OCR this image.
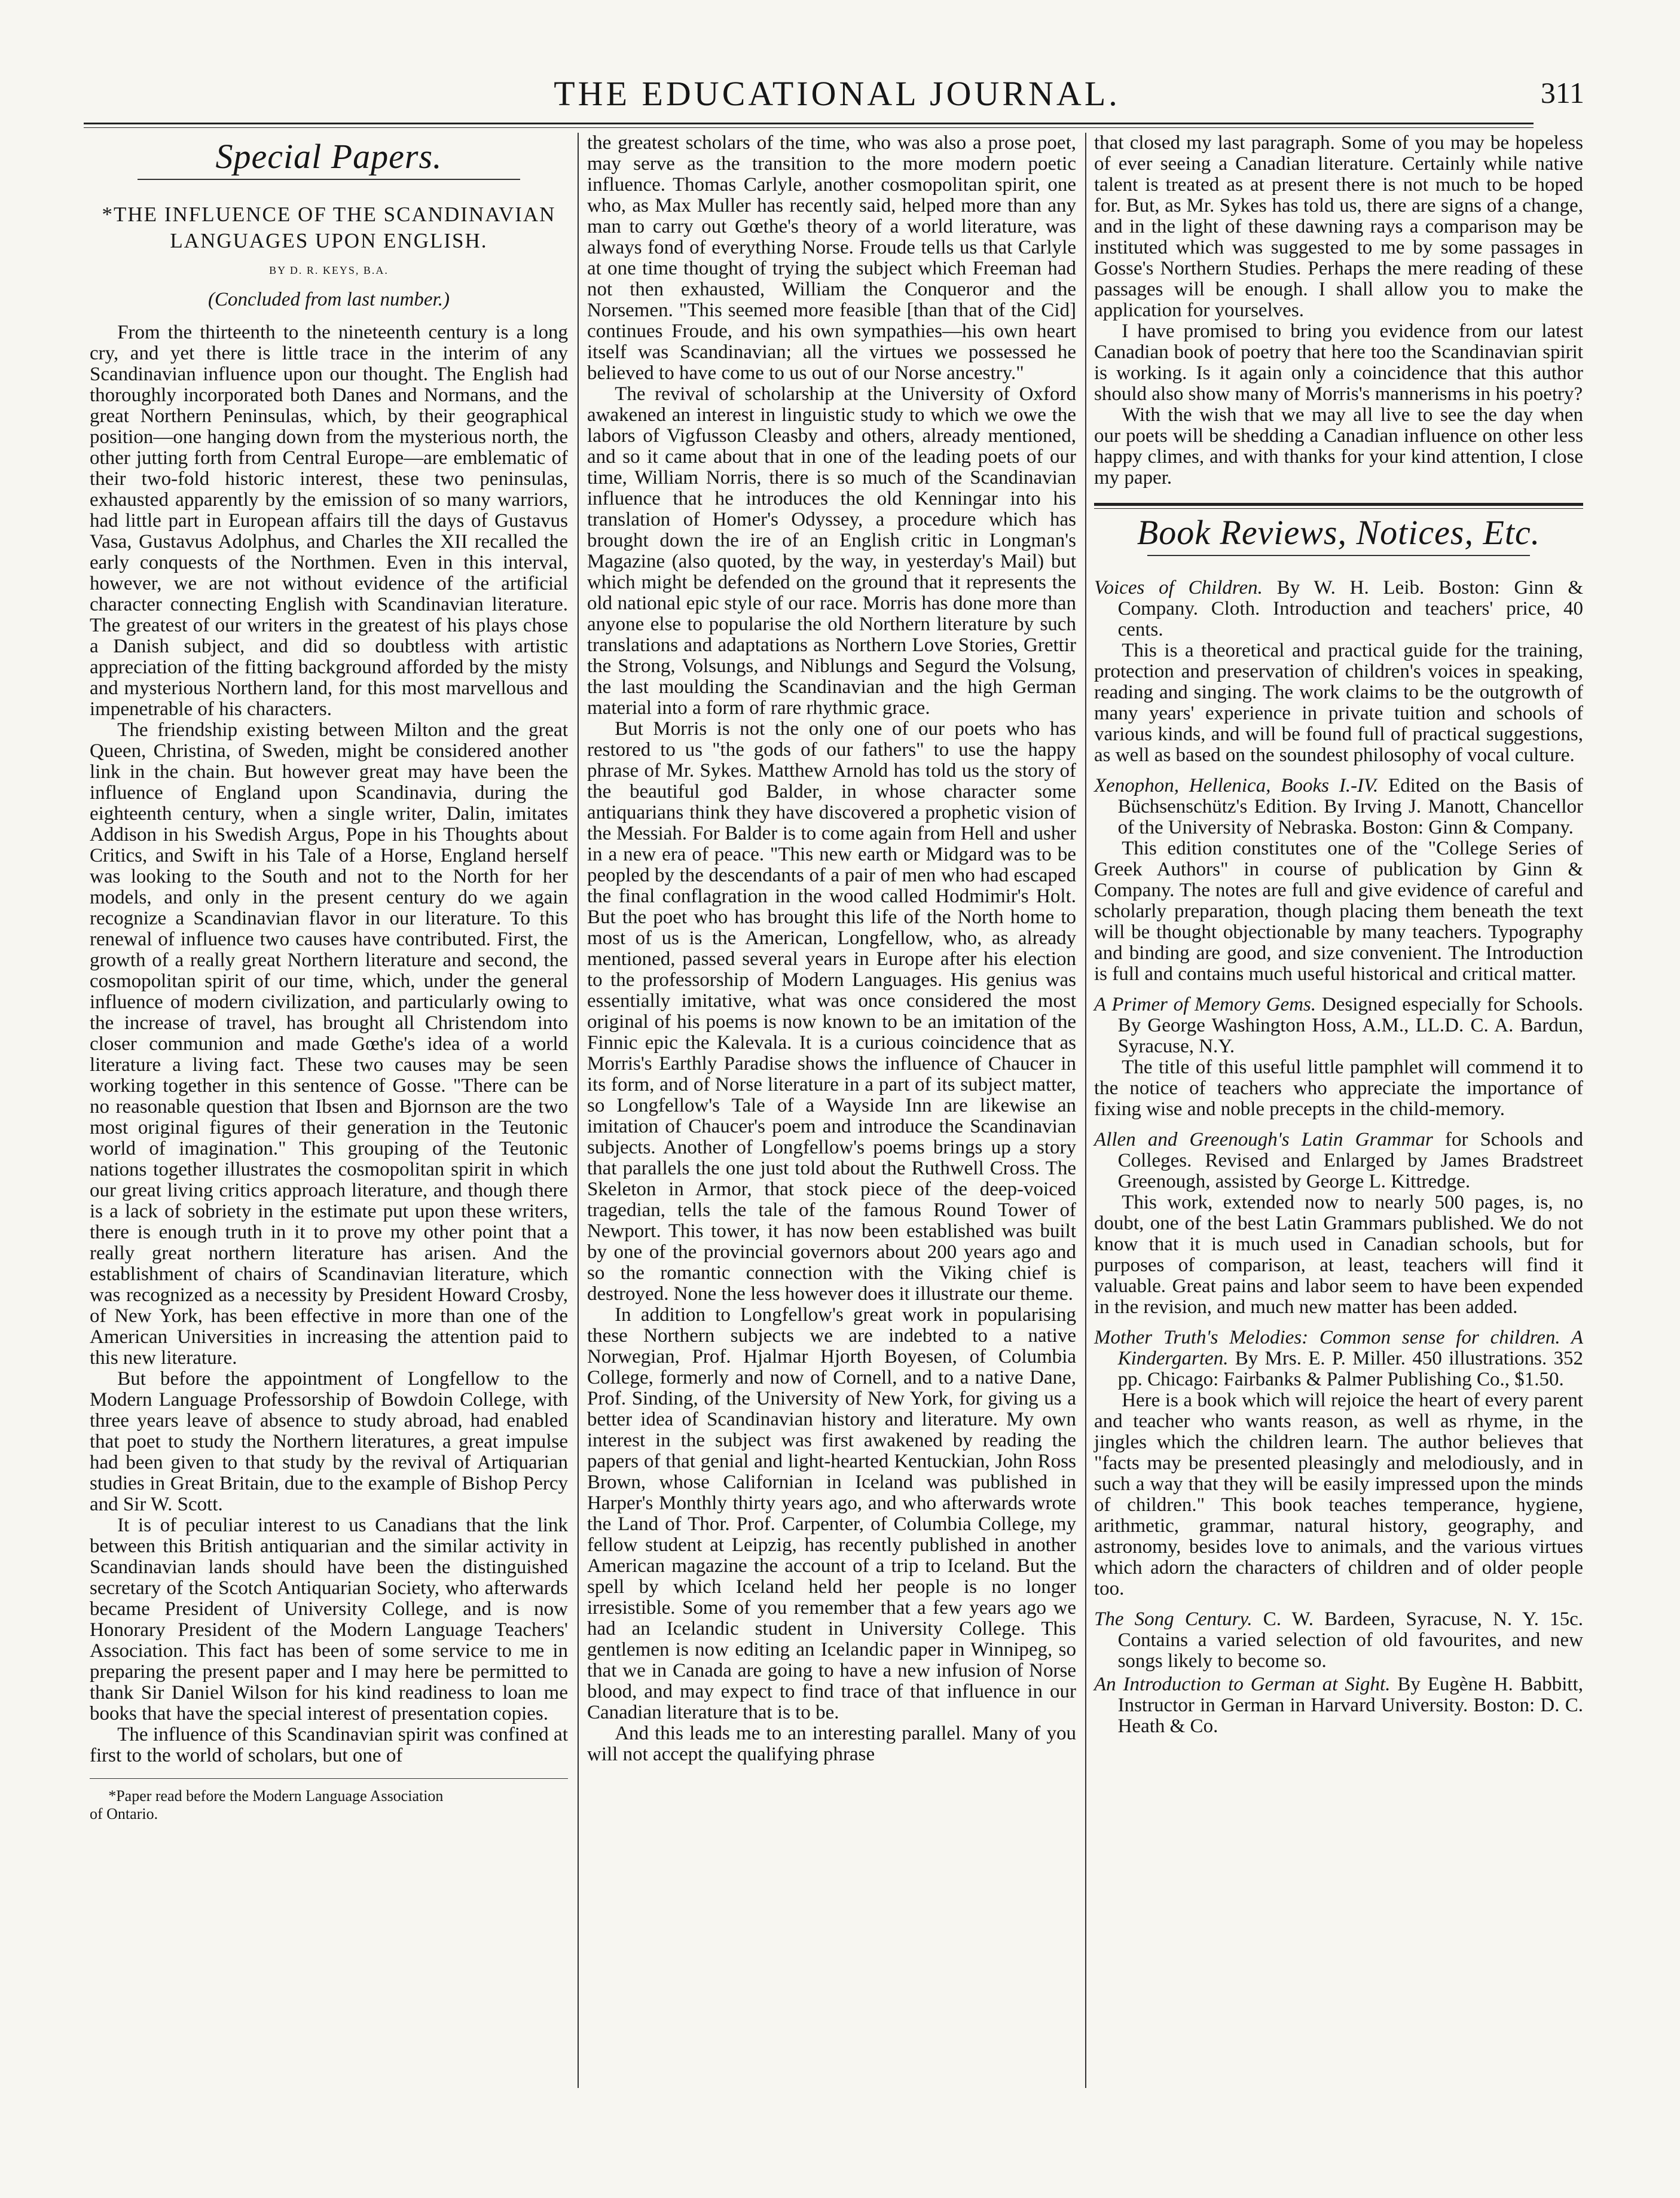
THE EDUCATIONAL JOURNAL.	311
Special Papers.
*THE INFLUENCE OF THE SCANDINAVIAN LANGUAGES UPON ENGLISH.
BY D. R. KEYS, B.A.
(Concluded from last number.)

From the thirteenth to the nineteenth century is a long cry, and yet there is little trace in the interim of any Scandinavian influence upon our thought. The English had thoroughly incorporated both Danes and Normans, and the great Northern Peninsulas, which, by their geographical position—one hanging down from the mysterious north, the other jutting forth from Central Europe—are emblematic of their two-fold historic interest, these two peninsulas, exhausted apparently by the emission of so many warriors, had little part in European affairs till the days of Gustavus Vasa, Gustavus Adolphus, and Charles the XII recalled the early conquests of the Northmen. Even in this interval, however, we are not without evidence of the artificial character connecting English with Scandinavian literature. The greatest of our writers in the greatest of his plays chose a Danish subject, and did so doubtless with artistic appreciation of the fitting background afforded by the misty and mysterious Northern land, for this most marvellous and impenetrable of his characters.

The friendship existing between Milton and the great Queen, Christina, of Sweden, might be considered another link in the chain. But however great may have been the influence of England upon Scandinavia, during the eighteenth century, when a single writer, Dalin, imitates Addison in his Swedish Argus, Pope in his Thoughts about Critics, and Swift in his Tale of a Horse, England herself was looking to the South and not to the North for her models, and only in the present century do we again recognize a Scandinavian flavor in our literature. To this renewal of influence two causes have contributed. First, the growth of a really great Northern literature and second, the cosmopolitan spirit of our time, which, under the general influence of modern civilization, and particularly owing to the increase of travel, has brought all Christendom into closer communion and made Gœthe's idea of a world literature a living fact. These two causes may be seen working together in this sentence of Gosse. "There can be no reasonable question that Ibsen and Bjornson are the two most original figures of their generation in the Teutonic world of imagination." This grouping of the Teutonic nations together illustrates the cosmopolitan spirit in which our great living critics approach literature, and though there is a lack of sobriety in the estimate put upon these writers, there is enough truth in it to prove my other point that a really great northern literature has arisen. And the establishment of chairs of Scandinavian literature, which was recognized as a necessity by President Howard Crosby, of New York, has been effective in more than one of the American Universities in increasing the attention paid to this new literature.

But before the appointment of Longfellow to the Modern Language Professorship of Bowdoin College, with three years leave of absence to study abroad, had enabled that poet to study the Northern literatures, a great impulse had been given to that study by the revival of Artiquarian studies in Great Britain, due to the example of Bishop Percy and Sir W. Scott.

It is of peculiar interest to us Canadians that the link between this British antiquarian and the similar activity in Scandinavian lands should have been the distinguished secretary of the Scotch Antiquarian Society, who afterwards became President of University College, and is now Honorary President of the Modern Language Teachers' Association. This fact has been of some service to me in preparing the present paper and I may here be permitted to thank Sir Daniel Wilson for his kind readiness to loan me books that have the special interest of presentation copies.

The influence of this Scandinavian spirit was confined at first to the world of scholars, but one of

*Paper read before the Modern Language Association
of Ontario.

the greatest scholars of the time, who was also a prose poet, may serve as the transition to the more modern poetic influence. Thomas Carlyle, another cosmopolitan spirit, one who, as Max Muller has recently said, helped more than any man to carry out Gœthe's theory of a world literature, was always fond of everything Norse. Froude tells us that Carlyle at one time thought of trying the subject which Freeman had not then exhausted, William the Conqueror and the Norsemen. "This seemed more feasible [than that of the Cid] continues Froude, and his own sympathies—his own heart itself was Scandinavian; all the virtues we possessed he believed to have come to us out of our Norse ancestry."

The revival of scholarship at the University of Oxford awakened an interest in linguistic study to which we owe the labors of Vigfusson Cleasby and others, already mentioned, and so it came about that in one of the leading poets of our time, William Norris, there is so much of the Scandinavian influence that he introduces the old Kenningar into his translation of Homer's Odyssey, a procedure which has brought down the ire of an English critic in Longman's Magazine (also quoted, by the way, in yesterday's Mail) but which might be defended on the ground that it represents the old national epic style of our race. Morris has done more than anyone else to popularise the old Northern literature by such translations and adaptations as Northern Love Stories, Grettir the Strong, Volsungs, and Niblungs and Segurd the Volsung, the last moulding the Scandinavian and the high German material into a form of rare rhythmic grace.

But Morris is not the only one of our poets who has restored to us "the gods of our fathers" to use the happy phrase of Mr. Sykes. Matthew Arnold has told us the story of the beautiful god Balder, in whose character some antiquarians think they have discovered a prophetic vision of the Messiah. For Balder is to come again from Hell and usher in a new era of peace. "This new earth or Midgard was to be peopled by the descendants of a pair of men who had escaped the final conflagration in the wood called Hodmimir's Holt. But the poet who has brought this life of the North home to most of us is the American, Longfellow, who, as already mentioned, passed several years in Europe after his election to the professorship of Modern Languages. His genius was essentially imitative, what was once considered the most original of his poems is now known to be an imitation of the Finnic epic the Kalevala. It is a curious coincidence that as Morris's Earthly Paradise shows the influence of Chaucer in its form, and of Norse literature in a part of its subject matter, so Longfellow's Tale of a Wayside Inn are likewise an imitation of Chaucer's poem and introduce the Scandinavian subjects. Another of Longfellow's poems brings up a story that parallels the one just told about the Ruthwell Cross. The Skeleton in Armor, that stock piece of the deep-voiced tragedian, tells the tale of the famous Round Tower of Newport. This tower, it has now been established was built by one of the provincial governors about 200 years ago and so the romantic connection with the Viking chief is destroyed. None the less however does it illustrate our theme.

In addition to Longfellow's great work in popularising these Northern subjects we are indebted to a native Norwegian, Prof. Hjalmar Hjorth Boyesen, of Columbia College, formerly and now of Cornell, and to a native Dane, Prof. Sinding, of the University of New York, for giving us a better idea of Scandinavian history and literature. My own interest in the subject was first awakened by reading the papers of that genial and light-hearted Kentuckian, John Ross Brown, whose Californian in Iceland was published in Harper's Monthly thirty years ago, and who afterwards wrote the Land of Thor. Prof. Carpenter, of Columbia College, my fellow student at Leipzig, has recently published in another American magazine the account of a trip to Iceland. But the spell by which Iceland held her people is no longer irresistible. Some of you remember that a few years ago we had an Icelandic student in University College. This gentlemen is now editing an Icelandic paper in Winnipeg, so that we in Canada are going to have a new infusion of Norse blood, and may expect to find trace of that influence in our Canadian literature that is to be.

And this leads me to an interesting parallel. Many of you will not accept the qualifying phrase

that closed my last paragraph. Some of you may be hopeless of ever seeing a Canadian literature. Certainly while native talent is treated as at present there is not much to be hoped for. But, as Mr. Sykes has told us, there are signs of a change, and in the light of these dawning rays a comparison may be instituted which was suggested to me by some passages in Gosse's Northern Studies. Perhaps the mere reading of these passages will be enough. I shall allow you to make the application for yourselves.

I have promised to bring you evidence from our latest Canadian book of poetry that here too the Scandinavian spirit is working. Is it again only a coincidence that this author should also show many of Morris's mannerisms in his poetry?

With the wish that we may all live to see the day when our poets will be shedding a Canadian influence on other less happy climes, and with thanks for your kind attention, I close my paper.

Book Reviews, Notices, Etc.

Voices of Children. By W. H. Leib. Boston: Ginn & Company. Cloth. Introduction and teachers' price, 40 cents.

This is a theoretical and practical guide for the training, protection and preservation of children's voices in speaking, reading and singing. The work claims to be the outgrowth of many years' experience in private tuition and schools of various kinds, and will be found full of practical suggestions, as well as based on the soundest philosophy of vocal culture.

Xenophon, Hellenica, Books I.-IV. Edited on the Basis of Büchsenschütz's Edition. By Irving J. Manott, Chancellor of the University of Nebraska. Boston: Ginn & Company.

This edition constitutes one of the "College Series of Greek Authors" in course of publication by Ginn & Company. The notes are full and give evidence of careful and scholarly preparation, though placing them beneath the text will be thought objectionable by many teachers. Typography and binding are good, and size convenient. The Introduction is full and contains much useful historical and critical matter.

A Primer of Memory Gems. Designed especially for Schools. By George Washington Hoss, A.M., LL.D. C. A. Bardun, Syracuse, N.Y.

The title of this useful little pamphlet will commend it to the notice of teachers who appreciate the importance of fixing wise and noble precepts in the child-memory.

Allen and Greenough's Latin Grammar for Schools and Colleges. Revised and Enlarged by James Bradstreet Greenough, assisted by George L. Kittredge.

This work, extended now to nearly 500 pages, is, no doubt, one of the best Latin Grammars published. We do not know that it is much used in Canadian schools, but for purposes of comparison, at least, teachers will find it valuable. Great pains and labor seem to have been expended in the revision, and much new matter has been added.

Mother Truth's Melodies: Common sense for children. A Kindergarten. By Mrs. E. P. Miller. 450 illustrations. 352 pp. Chicago: Fairbanks & Palmer Publishing Co., $1.50.

Here is a book which will rejoice the heart of every parent and teacher who wants reason, as well as rhyme, in the jingles which the children learn. The author believes that "facts may be presented pleasingly and melodiously, and in such a way that they will be easily impressed upon the minds of children." This book teaches temperance, hygiene, arithmetic, grammar, natural history, geography, and astronomy, besides love to animals, and the various virtues which adorn the characters of children and of older people too.

The Song Century. C. W. Bardeen, Syracuse, N. Y. 15c. Contains a varied selection of old favourites, and new songs likely to become so.

An Introduction to German at Sight. By Eugène H. Babbitt, Instructor in German in Harvard University. Boston: D. C. Heath & Co.
